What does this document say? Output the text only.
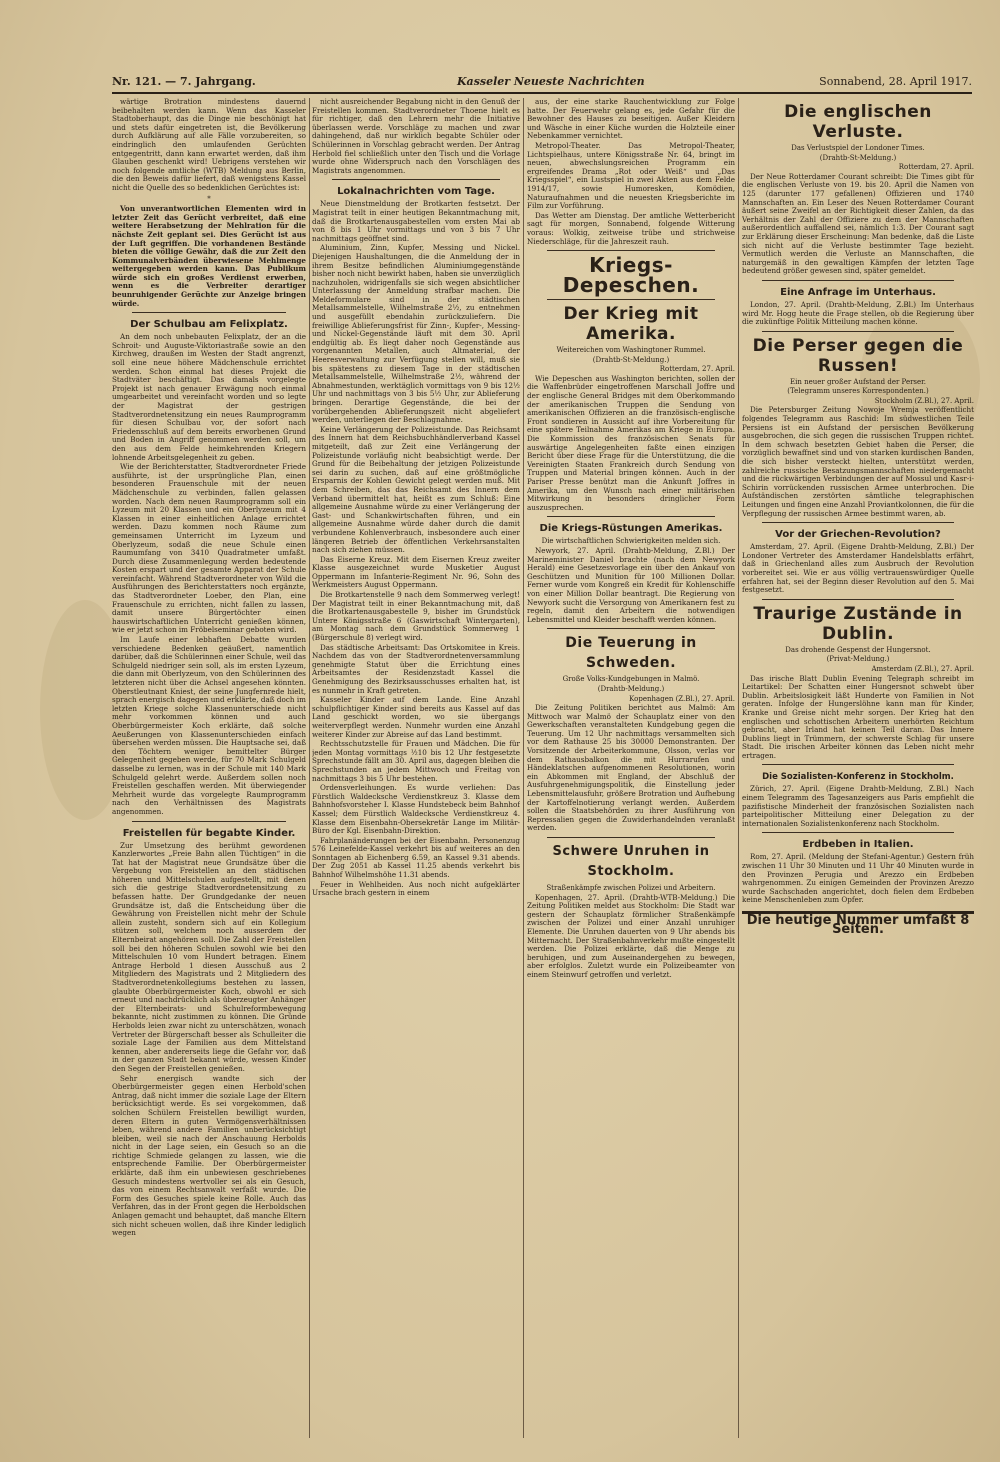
Nr. 121. — 7. Jahrgang.	Kasseler Neueste Nachrichten	Sonnabend, 28. April 1917.

wärtige Brotration mindestens dauernd beibehalten werden kann. Wenn das Kasseler Stadtoberhaupt, das die Dinge nie beschönigt hat und stets dafür eingetreten ist, die Bevölkerung durch Aufklärung auf alle Fälle vorzubereiten, so eindringlich den umlaufenden Gerüchten entgegentritt, dann kann erwartet werden, daß ihm Glauben geschenkt wird! Uebrigens verstehen wir noch folgende amtliche (WTB) Meldung aus Berlin, die den Beweis dafür liefert, daß wenigstens Kassel nicht die Quelle des so bedenklichen Gerüchtes ist:

*

Von unverantwortlichen Elementen wird in letzter Zeit das Gerücht verbreitet, daß eine weitere Herabsetzung der Mehlration für die nächste Zeit geplant sei. Dies Gerücht ist aus der Luft gegriffen. Die vorhandenen Bestände bieten die völlige Gewähr, daß die zur Zeit den Kommunalverbänden überwiesene Mehlmenge weitergegeben werden kann. Das Publikum würde sich ein großes Verdienst erwerben, wenn es die Verbreiter derartiger beunruhigender Gerüchte zur Anzeige bringen würde.

Der Schulbau am Felixplatz.

An dem noch unbebauten Felixplatz, der an die Schroit- und Auguste-Viktoriastraße sowie an den Kirchweg, draußen im Westen der Stadt angrenzt, soll eine neue höhere Mädchenschule errichtet werden. Schon einmal hat dieses Projekt die Stadtväter beschäftigt. Das damals vorgelegte Projekt ist nach genauer Erwägung noch einmal umgearbeitet und vereinfacht worden und so legte der Magistrat der gestrigen Stadtverordnetensitzung ein neues Raumprogramm für diesen Schulbau vor, der sofort nach Friedensschluß auf dem bereits erworbenen Grund und Boden in Angriff genommen werden soll, um den aus dem Felde heimkehrenden Kriegern lohnende Arbeitsgelegenheit zu geben.

Wie der Berichterstatter, Stadtverordneter Friede ausführte, ist der ursprüngliche Plan, einen besonderen Frauenschule mit der neuen Mädchenschule zu verbinden, fallen gelassen worden. Nach dem neuen Raumprogramm soll ein Lyzeum mit 20 Klassen und ein Oberlyzeum mit 4 Klassen in einer einheitlichen Anlage errichtet werden. Dazu kommen noch Räume zum gemeinsamen Unterricht im Lyzeum und Oberlyzeum, sodaß die neue Schule einen Raumumfang von 3410 Quadratmeter umfaßt. Durch diese Zusammenlegung werden bedeutende Kosten erspart und der gesamte Apparat der Schule vereinfacht. Während Stadtverordneter von Wild die Ausführungen des Berichterstatters noch ergänzte, das Stadtverordneter Loeber, den Plan, eine Frauenschule zu errichten, nicht fallen zu lassen, damit unsere Bürgertöchter einen hauswirtschaftlichen Unterricht genießen können, wie er jetzt schon im Fröbelseminar geboten wird.

Im Laufe einer lebhaften Debatte wurden verschiedene Bedenken geäußert, namentlich darüber, daß die Schülerinnen einer Schule, weil das Schulgeld niedriger sein soll, als im ersten Lyzeum, die dann mit Oberlyzeum, von den Schülerinnen des letzteren nicht über die Achsel angesehen könnten. Oberstleutnant Kniest, der seine Jungfernrede hielt, sprach energisch dagegen und erklärte, daß doch im letzten Kriege solche Klassenunterschiede nicht mehr vorkommen können und auch Oberbürgermeister Koch erklärte, daß solche Aeußerungen von Klassenunterschieden einfach übersehen werden müssen. Die Hauptsache sei, daß den Töchtern weniger bemittelter Bürger Gelegenheit gegeben werde, für 70 Mark Schulgeld dasselbe zu lernen, was in der Schule mit 140 Mark Schulgeld gelehrt werde. Außerdem sollen noch Freistellen geschaffen werden. Mit überwiegender Mehrheit wurde das vorgelegte Raumprogramm nach den Verhältnissen des Magistrats angenommen.

Freistellen für begabte Kinder.

Zur Umsetzung des berühmt gewordenen Kanzlerwortes „Freie Bahn allen Tüchtigen“ in die Tat hat der Magistrat neue Grundsätze über die Vergebung von Freistellen an den städtischen höheren und Mittelschulen aufgestellt, mit denen sich die gestrige Stadtverordnetensitzung zu befassen hatte. Der Grundgedanke der neuen Grundsätze ist, daß die Entscheidung über die Gewährung von Freistellen nicht mehr der Schule allein zusteht, sondern sich auf ein Kollegium stützen soll, welchem noch ausserdem der Elternbeirat angehören soll. Die Zahl der Freistellen soll bei den höheren Schulen sowohl wie bei den Mittelschulen 10 vom Hundert betragen. Einem Antrage Herbold 1 diesen Ausschuß aus 2 Mitgliedern des Magistrats und 2 Mitgliedern des Stadtverordnetenkollegiums bestehen zu lassen, glaubte Oberbürgermeister Koch, obwohl er sich erneut und nachdrücklich als überzeugter Anhänger der Elternbeirats- und Schulreformbewegung bekannte, nicht zustimmen zu können. Die Gründe Herbolds leien zwar nicht zu unterschätzen, wonach Vertreter der Bürgerschaft besser als Schulleiter die soziale Lage der Familien aus dem Mittelstand kennen, aber andererseits liege die Gefahr vor, daß in der ganzen Stadt bekannt würde, wessen Kinder den Segen der Freistellen genießen.

Sehr energisch wandte sich der Oberbürgermeister gegen einen Herbold'schen Antrag, daß nicht immer die soziale Lage der Eltern berücksichtigt werde. Es sei vorgekommen, daß solchen Schülern Freistellen bewilligt wurden, deren Eltern in guten Vermögensverhältnissen leben, während andere Familien unberücksichtigt bleiben, weil sie nach der Anschauung Herbolds nicht in der Lage seien, ein Gesuch so an die richtige Schmiede gelangen zu lassen, wie die entsprechende Familie. Der Oberbürgermeister erklärte, daß ihm ein unbewiesen geschriebenes Gesuch mindestens wertvoller sei als ein Gesuch, das von einem Rechtsanwalt verfaßt wurde. Die Form des Gesuches spiele keine Rolle. Auch das Verfahren, das in der Front gegen die Herboldschen Anlagen gemacht und behauptet, daß manche Eltern sich nicht scheuen wollen, daß ihre Kinder lediglich wegen

nicht ausreichender Begabung nicht in den Genuß der Freistellen kommen. Stadtverordneter Thoene hielt es für richtiger, daß den Lehrern mehr die Initiative überlassen werde. Vorschläge zu machen und zwar dahingehend, daß nur wirklich begabte Schüler oder Schülerinnen in Vorschlag gebracht werden. Der Antrag Herbold fiel schließlich unter den Tisch und die Vorlage wurde ohne Widerspruch nach den Vorschlägen des Magistrats angenommen.

Lokalnachrichten vom Tage.

Neue Dienstmeldung der Brotkarten festsetzt. Der Magistrat teilt in einer heutigen Bekanntmachung mit, daß die Brotkartenausgabestellen vom ersten Mai ab von 8 bis 1 Uhr vormittags und von 3 bis 7 Uhr nachmittags geöffnet sind.

Aluminium, Zinn, Kupfer, Messing und Nickel. Diejenigen Haushaltungen, die die Anmeldung der in ihrem Besitze befindlichen Aluminiumgegenstände bisher noch nicht bewirkt haben, haben sie unverzüglich nachzuholen, widrigenfalls sie sich wegen absichtlicher Unterlassung der Anmeldung strafbar machen. Die Meldeformulare sind in der städtischen Metallsammelstelle, Wilhelmstraße 2½, zu entnehmen und ausgefüllt ebendahin zurückzuliefern. Die freiwillige Ablieferungsfrist für Zinn-, Kupfer-, Messing- und Nickel-Gegenstände läuft mit dem 30. April endgültig ab. Es liegt daher noch Gegenstände aus vorgenannten Metallen, auch Altmaterial, der Heeresverwaltung zur Verfügung stellen will, muß sie bis spätestens zu diesem Tage in der städtischen Metallsammelstelle, Wilhelmstraße 2½, während der Abnahmestunden, werktäglich vormittags von 9 bis 12½ Uhr und nachmittags von 3 bis 5½ Uhr, zur Ablieferung bringen. Derartige Gegenstände, die bei der vorübergehenden Ablieferungszeit nicht abgeliefert werden, unterliegen der Beschlagnahme.

Keine Verlängerung der Polizeistunde. Das Reichsamt des Innern hat dem Reichsbuchhändlerverband Kassel mitgeteilt, daß zur Zeit eine Verlängerung der Polizeistunde vorläufig nicht beabsichtigt werde. Der Grund für die Beibehaltung der jetzigen Polizeistunde sei darin zu suchen, daß auf eine größtmögliche Ersparnis der Kohlen Gewicht gelegt werden muß. Mit dem Schreiben, das das Reichsamt des Innern dem Verband übermittelt hat, heißt es zum Schluß: Eine allgemeine Ausnahme würde zu einer Verlängerung der Gast- und Schankwirtschaften führen, und ein allgemeine Ausnahme würde daher durch die damit verbundene Kohlenverbrauch, insbesondere auch einer längeren Betrieb der öffentlichen Verkehrsanstalten nach sich ziehen müssen.

Das Eiserne Kreuz. Mit dem Eisernen Kreuz zweiter Klasse ausgezeichnet wurde Musketier August Oppermann im Infanterie-Regiment Nr. 96, Sohn des Werkmeisters August Oppermann.

Die Brotkartenstelle 9 nach dem Sommerweg verlegt! Der Magistrat teilt in einer Bekanntmachung mit, daß die Brotkartenausgabestelle 9, bisher im Grundstück Untere Königsstraße 6 (Gaswirtschaft Wintergarten), am Montag nach dem Grundstück Sommerweg 1 (Bürgerschule 8) verlegt wird.

Das städtische Arbeitsamt: Das Ortskomitee in Kreis. Nachdem das von der Stadtverordnetenversammlung genehmigte Statut über die Errichtung eines Arbeitsamtes der Residenzstadt Kassel die Genehmigung des Bezirksausschusses erhalten hat, ist es nunmehr in Kraft getreten.

Kasseler Kinder auf dem Lande. Eine Anzahl schulpflichtiger Kinder sind bereits aus Kassel auf das Land geschickt worden, wo sie übergangs weiterverpflegt werden. Nunmehr wurden eine Anzahl weiterer Kinder zur Abreise auf das Land bestimmt.

Rechtsschutzstelle für Frauen und Mädchen. Die für jeden Montag vormittags ½10 bis 12 Uhr festgesetzte Sprechstunde fällt am 30. April aus, dagegen bleiben die Sprechstunden an jedem Mittwoch und Freitag von nachmittags 3 bis 5 Uhr bestehen.

Ordensverleihungen. Es wurde verliehen: Das Fürstlich Waldecksche Verdienstkreuz 3. Klasse dem Bahnhofsvorsteher I. Klasse Hundstebeck beim Bahnhof Kassel; dem Fürstlich Waldecksche Verdienstkreuz 4. Klasse dem Eisenbahn-Obersekretär Lange im Militär-Büro der Kgl. Eisenbahn-Direktion.

Fahrplanänderungen bei der Eisenbahn. Personenzug 576 Leinefelde-Kassel verkehrt bis auf weiteres an den Sonntagen ab Eichenberg 6.59, an Kassel 9.31 abends. Der Zug 2051 ab Kassel 11.25 abends verkehrt bis Bahnhof Wilhelmshöhe 11.31 abends.

Feuer in Wehlheiden. Aus noch nicht aufgeklärter Ursache brach gestern in einem

aus, der eine starke Rauchentwicklung zur Folge hatte. Der Feuerwehr gelang es, jede Gefahr für die Bewohner des Hauses zu beseitigen. Außer Kleidern und Wäsche in einer Küche wurden die Holzteile einer Nebenkammer vernichtet.

Metropol-Theater. Das Metropol-Theater, Lichtspielhaus, untere Königsstraße Nr. 64, bringt im neuen, abwechslungsreichen Programm ein ergreifendes Drama „Rot oder Weiß“ und „Das Kriegsspiel“, ein Lustspiel in zwei Akten aus dem Felde 1914/17, sowie Humoresken, Komödien, Naturaufnahmen und die neuesten Kriegsberichte im Film zur Vorführung.

Das Wetter am Dienstag. Der amtliche Wetterbericht sagt für morgen, Sonnabend, folgende Witterung voraus: Wolkig, zeitweise trübe und strichweise Niederschläge, für die Jahreszeit rauh.

Kriegs-Depeschen.
Der Krieg mit Amerika.
Weitereichen vom Washingtoner Rummel.
(Drahtb-St-Meldung.)
Rotterdam, 27. April.

Wie Depeschen aus Washington berichten, sollen der die Waffenbrüder eingetroffenen Marschall Joffre und der englische General Bridges mit dem Oberkommando der amerikanischen Truppen die Sendung von amerikanischen Offizieren an die französisch-englische Front sondieren in Aussicht auf ihre Vorbereitung für eine spätere Teilnahme Amerikas am Kriege in Europa. Die Kommission des französischen Senats für auswärtige Angelegenheiten faßte einen einzigen Bericht über diese Frage für die Unterstützung, die die Vereinigten Staaten Frankreich durch Sendung von Truppen und Material bringen können. Auch in der Pariser Presse benützt man die Ankunft Joffres in Amerika, um den Wunsch nach einer militärischen Mitwirkung in besonders dringlicher Form auszusprechen.

Die Kriegs-Rüstungen Amerikas.
Die wirtschaftlichen Schwierigkeiten melden sich.

Newyork, 27. April. (Drahtb-Meldung, Z.Bl.) Der Marineminister Daniel brachte (nach dem Newyork Herald) eine Gesetzesvorlage ein über den Ankauf von Geschützen und Munition für 100 Millionen Dollar. Ferner wurde vom Kongreß ein Kredit für Kohlenschiffe von einer Million Dollar beantragt. Die Regierung von Newyork sucht die Versorgung von Amerikanern fest zu regeln, damit den Arbeitern die notwendigen Lebensmittel und Kleider beschafft werden können.

Die Teuerung in Schweden.
Große Volks-Kundgebungen in Malmö.
(Drahtb-Meldung.)
Kopenhagen (Z.Bl.), 27. April.

Die Zeitung Politiken berichtet aus Malmö: Am Mittwoch war Malmö der Schauplatz einer von den Gewerkschaften veranstalteten Kundgebung gegen die Teuerung. Um 12 Uhr nachmittags versammelten sich vor dem Rathause 25 bis 30000 Demonstranten. Der Vorsitzende der Arbeiterkommune, Olsson, verlas vor dem Rathausbalkon die mit Hurrarufen und Händeklatschen aufgenommenen Resolutionen, worin ein Abkommen mit England, der Abschluß der Ausfuhrgenehmigungspolitik, die Einstellung jeder Lebensmittelausfuhr, größere Brotration und Aufhebung der Kartoffelnotierung verlangt werden. Außerdem sollen die Staatsbehörden zu ihrer Ausführung von Repressalien gegen die Zuwiderhandelnden veranlaßt werden.

Schwere Unruhen in Stockholm.
Straßenkämpfe zwischen Polizei und Arbeitern.

Kopenhagen, 27. April. (Drahtb-WTB-Meldung.) Die Zeitung Politiken meldet aus Stockholm: Die Stadt war gestern der Schauplatz förmlicher Straßenkämpfe zwischen der Polizei und einer Anzahl unruhiger Elemente. Die Unruhen dauerten von 9 Uhr abends bis Mitternacht. Der Straßenbahnverkehr mußte eingestellt werden. Die Polizei erklärte, daß die Menge zu beruhigen, und zum Auseinandergehen zu bewegen, aber erfolglos. Zuletzt wurde ein Polizeibeamter von einem Steinwurf getroffen und verletzt.

Die englischen Verluste.
Das Verlustspiel der Londoner Times.
(Drahtb-St-Meldung.)
Rotterdam, 27. April.

Der Neue Rotterdamer Courant schreibt: Die Times gibt für die englischen Verluste von 19. bis 20. April die Namen von 125 (darunter 177 gefallenen) Offizieren und 1740 Mannschaften an. Ein Leser des Neuen Rotterdamer Courant äußert seine Zweifel an der Richtigkeit dieser Zahlen, da das Verhältnis der Zahl der Offiziere zu dem der Mannschaften außerordentlich auffallend sei, nämlich 1:3. Der Courant sagt zur Erklärung dieser Erscheinung: Man bedenke, daß die Liste sich nicht auf die Verluste bestimmter Tage bezieht. Vermutlich werden die Verluste an Mannschaften, die naturgemäß in den gewaltigen Kämpfen der letzten Tage bedeutend größer gewesen sind, später gemeldet.

Eine Anfrage im Unterhaus.

London, 27. April. (Drahtb-Meldung, Z.Bl.) Im Unterhaus wird Mr. Hogg heute die Frage stellen, ob die Regierung über die zukünftige Politik Mitteilung machen könne.

Die Perser gegen die Russen!
Ein neuer großer Aufstand der Perser.
(Telegramm unseres Korrespondenten.)
Stockholm (Z.Bl.), 27. April.

Die Petersburger Zeitung Nowoje Wremja veröffentlicht folgendes Telegramm aus Raschid: Im südwestlichen Teile Persiens ist ein Aufstand der persischen Bevölkerung ausgebrochen, die sich gegen die russischen Truppen richtet. In dem schwach besetzten Gebiet haben die Perser, die vorzüglich bewaffnet sind und von starken kurdischen Banden, die sich bisher versteckt hielten, unterstützt werden, zahlreiche russische Besatzungsmannschaften niedergemacht und die rückwärtigen Verbindungen der auf Mossul und Kasr-i-Schirin vorrückenden russischen Armee unterbrochen. Die Aufständischen zerstörten sämtliche telegraphischen Leitungen und fingen eine Anzahl Proviantkolonnen, die für die Verpflegung der russischen Armee bestimmt waren, ab.

Vor der Griechen-Revolution?

Amsterdam, 27. April. (Eigene Drahtb-Meldung, Z.Bl.) Der Londoner Vertreter des Amsterdamer Handelsblatts erfährt, daß in Griechenland alles zum Ausbruch der Revolution vorbereitet sei. Wie er aus völlig vertrauenswürdiger Quelle erfahren hat, sei der Beginn dieser Revolution auf den 5. Mai festgesetzt.

Traurige Zustände in Dublin.
Das drohende Gespenst der Hungersnot.
(Privat-Meldung.)
Amsterdam (Z.Bl.), 27. April.

Das irische Blatt Dublin Evening Telegraph schreibt im Leitartikel: Der Schatten einer Hungersnot schwebt über Dublin. Arbeitslosigkeit läßt Hunderte von Familien in Not geraten. Infolge der Hungerslöhne kann man für Kinder, Kranke und Greise nicht mehr sorgen. Der Krieg hat den englischen und schottischen Arbeitern unerhörten Reichtum gebracht, aber Irland hat keinen Teil daran. Das Innere Dublins liegt in Trümmern, der schwerste Schlag für unsere Stadt. Die irischen Arbeiter können das Leben nicht mehr ertragen.

Die Sozialisten-Konferenz in Stockholm.

Zürich, 27. April. (Eigene Drahtb-Meldung, Z.Bl.) Nach einem Telegramm des Tagesanzeigers aus Paris empfiehlt die pazifistische Minderheit der französischen Sozialisten nach parteipolitischer Mitteilung einer Delegation zu der internationalen Sozialistenkonferenz nach Stockholm.

Erdbeben in Italien.

Rom, 27. April. (Meldung der Stefani-Agentur.) Gestern früh zwischen 11 Uhr 30 Minuten und 11 Uhr 40 Minuten wurde in den Provinzen Perugia und Arezzo ein Erdbeben wahrgenommen. Zu einigen Gemeinden der Provinzen Arezzo wurde Sachschaden angerichtet, doch fielen dem Erdbeben keine Menschenleben zum Opfer.

Die heutige Nummer umfaßt 8 Seiten.
